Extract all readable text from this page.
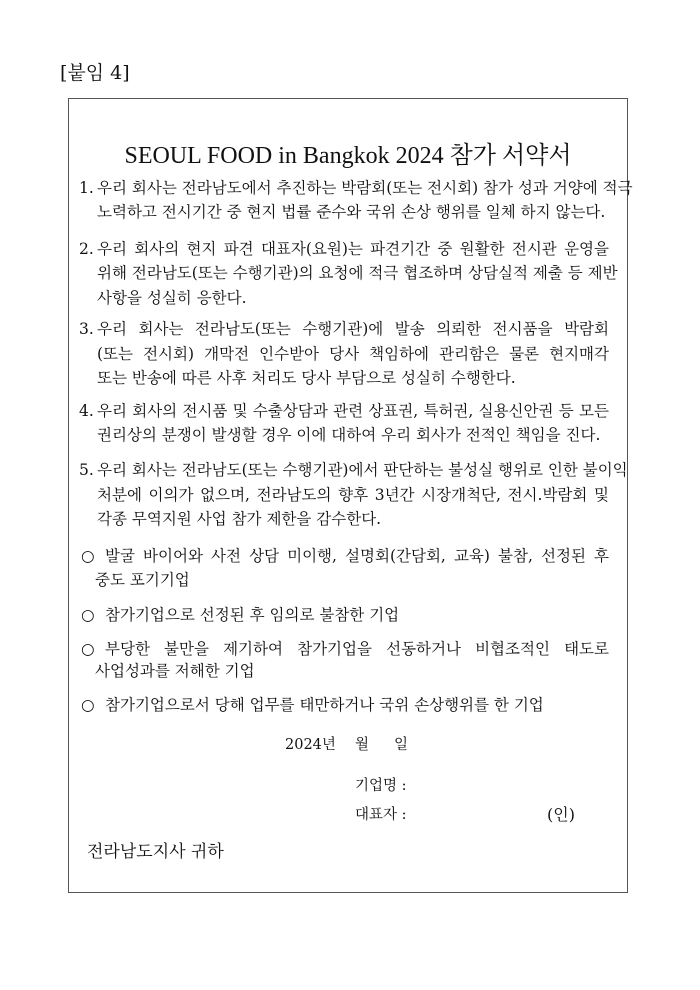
[붙임 4]
SEOUL FOOD in Bangkok 2024 참가 서약서
1. 우리 회사는 전라남도에서 추진하는 박람회(또는 전시회) 참가 성과 거양에 적극
노력하고 전시기간 중 현지 법률 준수와 국위 손상 행위를 일체 하지 않는다.
2. 우리 회사의 현지 파견 대표자(요원)는 파견기간 중 원활한 전시관 운영을
위해 전라남도(또는 수행기관)의 요청에 적극 협조하며 상담실적 제출 등 제반
사항을 성실히 응한다.
3. 우리 회사는 전라남도(또는 수행기관)에 발송 의뢰한 전시품을 박람회
(또는 전시회) 개막전 인수받아 당사 책임하에 관리함은 물론 현지매각
또는 반송에 따른 사후 처리도 당사 부담으로 성실히 수행한다.
4. 우리 회사의 전시품 및 수출상담과 관련 상표권, 특허권, 실용신안권 등 모든
권리상의 분쟁이 발생할 경우 이에 대하여 우리 회사가 전적인 책임을 진다.
5. 우리 회사는 전라남도(또는 수행기관)에서 판단하는 불성실 행위로 인한 불이익
처분에 이의가 없으며, 전라남도의 향후 3년간 시장개척단, 전시.박람회 및
각종 무역지원 사업 참가 제한을 감수한다.
○ 발굴 바이어와 사전 상담 미이행, 설명회(간담회, 교육) 불참, 선정된 후
중도 포기기업
○ 참가기업으로 선정된 후 임의로 불참한 기업
○ 부당한 불만을 제기하여 참가기업을 선동하거나 비협조적인 태도로
사업성과를 저해한 기업
○ 참가기업으로서 당해 업무를 태만하거나 국위 손상행위를 한 기업
2024년 월 일
기업명 :
대표자 :	(인)
전라남도지사 귀하
